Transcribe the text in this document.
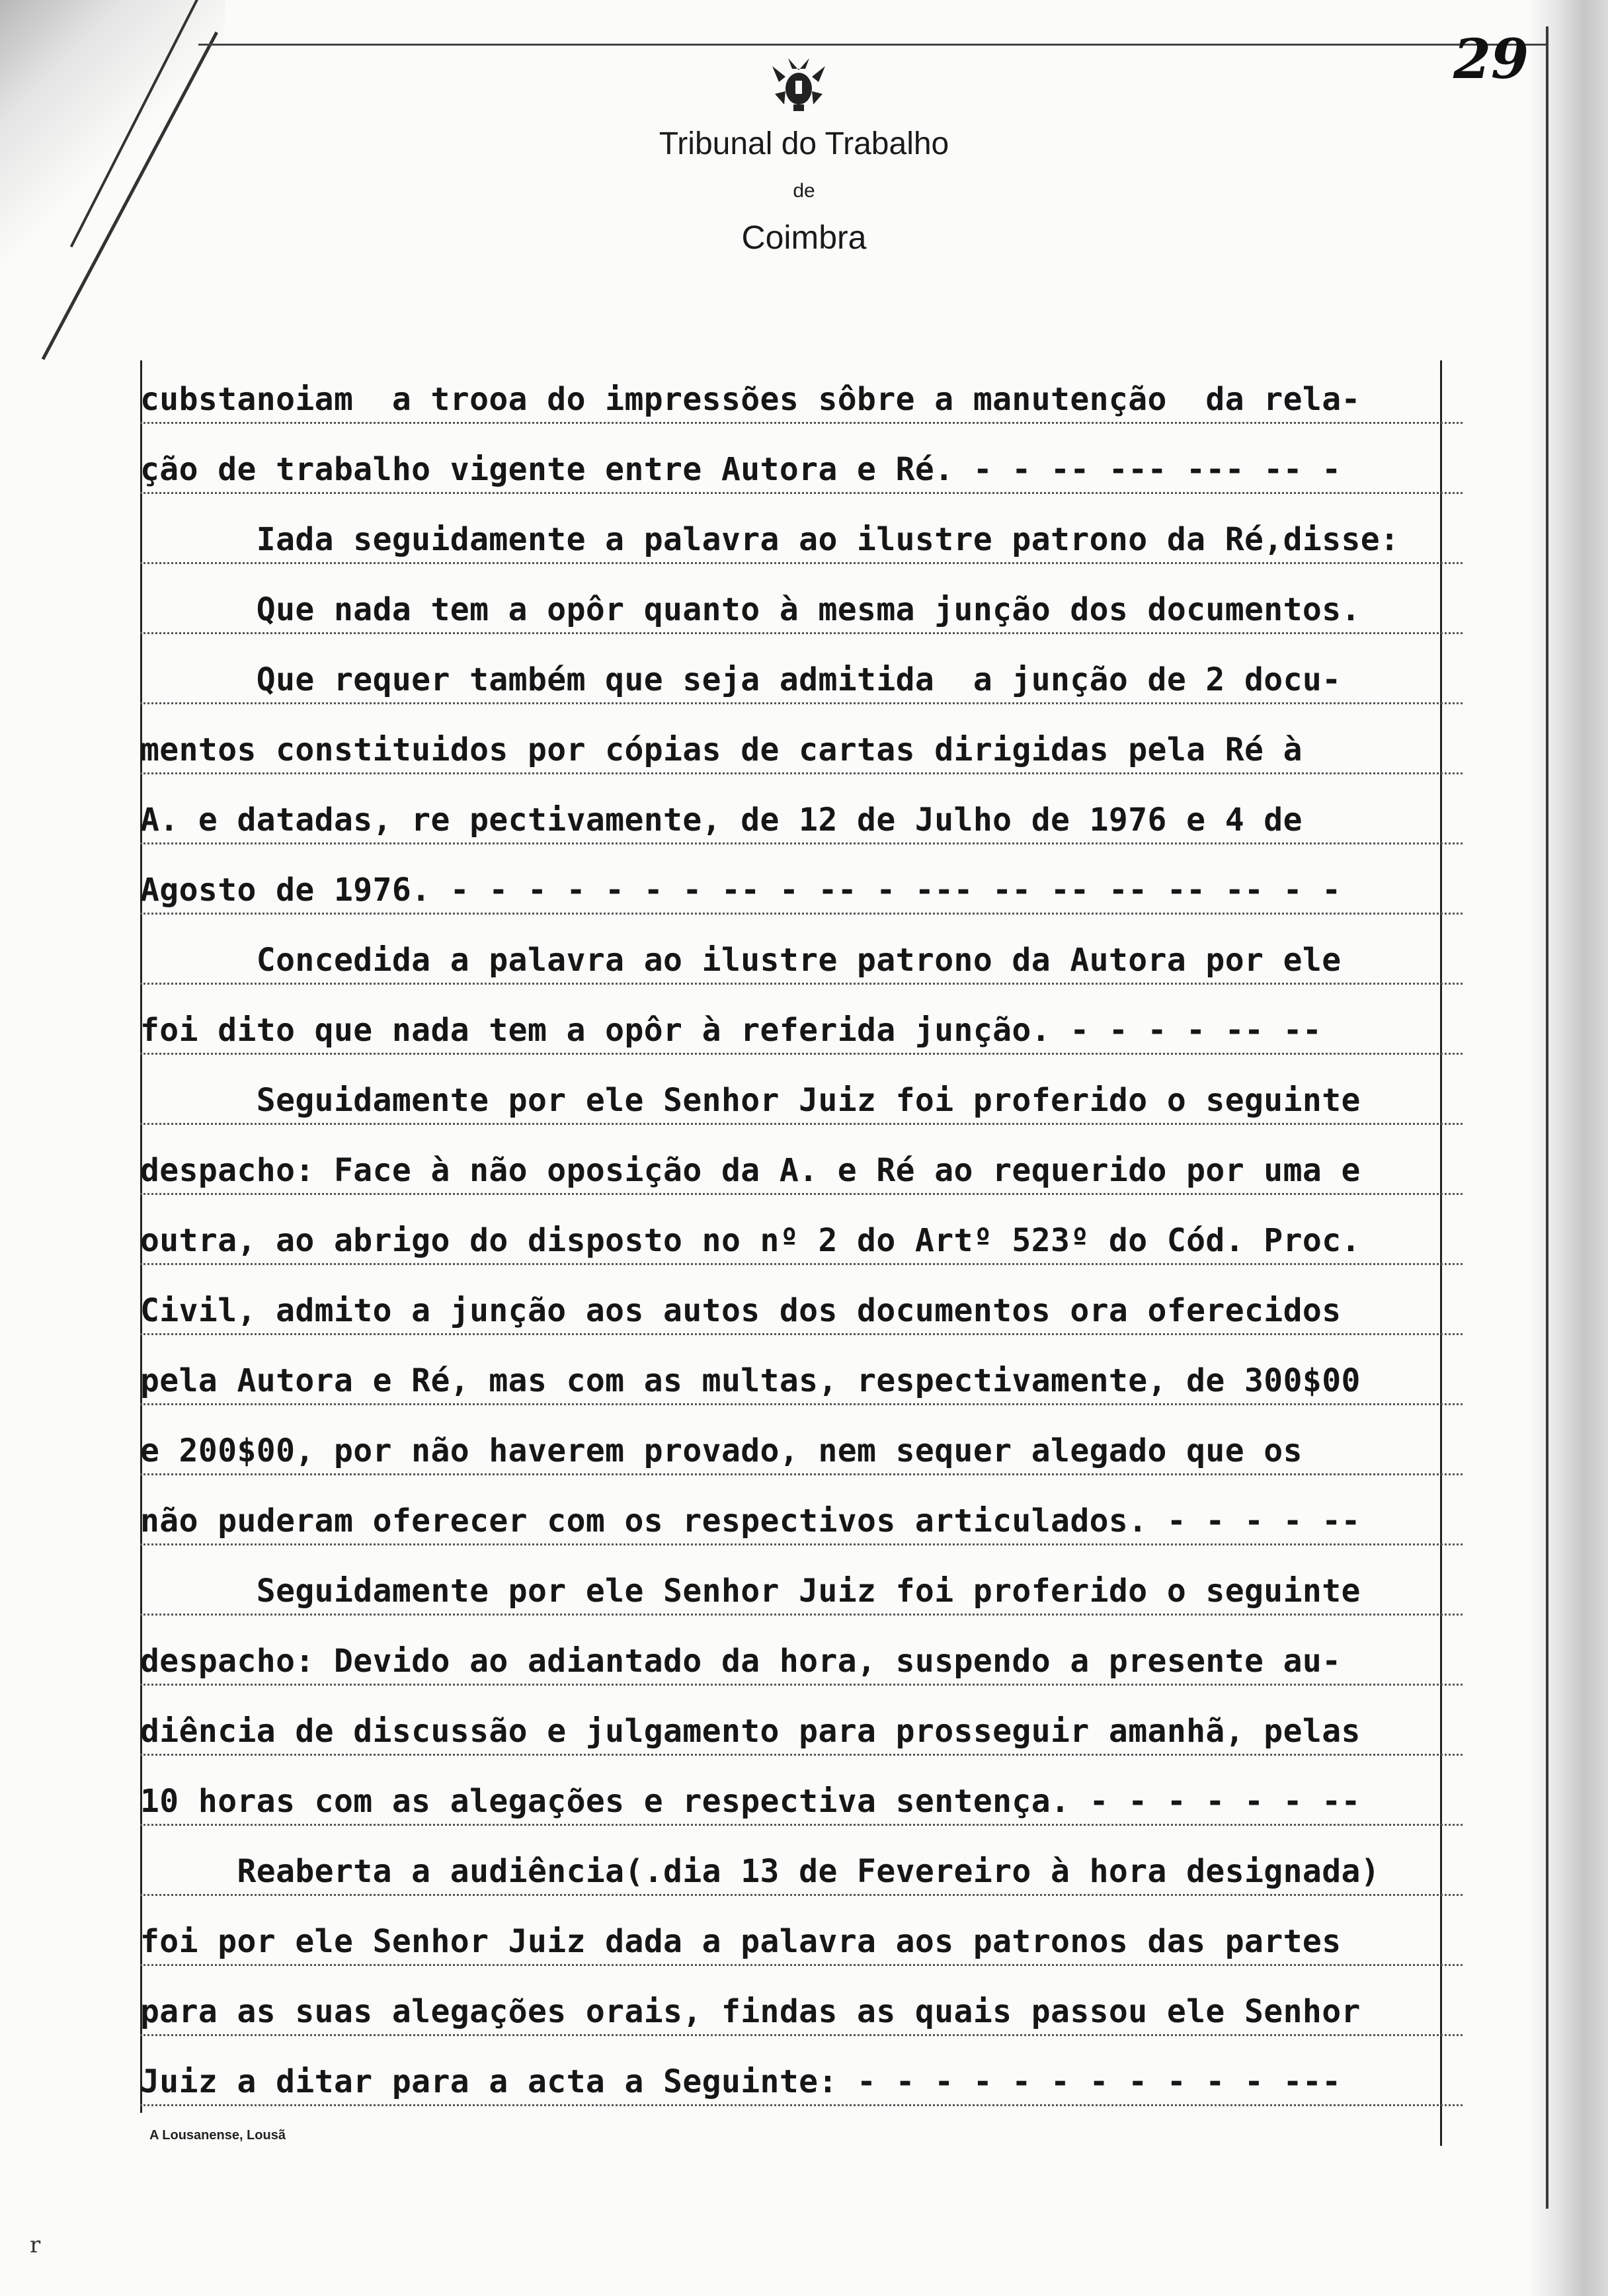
Tribunal do Trabalho
de
Coimbra
29
cubstanoiam  a trooa do impressões sôbre a manutenção  da rela-
ção de trabalho vigente entre Autora e Ré. - - -- --- --- -- -
Iada seguidamente a palavra ao ilustre patrono da Ré,disse:
Que nada tem a opôr quanto à mesma junção dos documentos.
Que requer também que seja admitida  a junção de 2 docu-
mentos constituidos por cópias de cartas dirigidas pela Ré à
A. e datadas, re pectivamente, de 12 de Julho de 1976 e 4 de
Agosto de 1976. - - - - - - - -- - -- - --- -- -- -- -- -- - -
Concedida a palavra ao ilustre patrono da Autora por ele
foi dito que nada tem a opôr à referida junção. - - - - -- --
Seguidamente por ele Senhor Juiz foi proferido o seguinte
despacho: Face à não oposição da A. e Ré ao requerido por uma e
outra, ao abrigo do disposto no nº 2 do Artº 523º do Cód. Proc.
Civil, admito a junção aos autos dos documentos ora oferecidos
pela Autora e Ré, mas com as multas, respectivamente, de 300$00
e 200$00, por não haverem provado, nem sequer alegado que os
não puderam oferecer com os respectivos articulados. - - - - --
Seguidamente por ele Senhor Juiz foi proferido o seguinte
despacho: Devido ao adiantado da hora, suspendo a presente au-
diência de discussão e julgamento para prosseguir amanhã, pelas
10 horas com as alegações e respectiva sentença. - - - - - - --
Reaberta a audiência(.dia 13 de Fevereiro à hora designada)
foi por ele Senhor Juiz dada a palavra aos patronos das partes
para as suas alegações orais, findas as quais passou ele Senhor
Juiz a ditar para a acta a Seguinte: - - - - - - - - - - - ---
A Lousanense, Lousã
r
